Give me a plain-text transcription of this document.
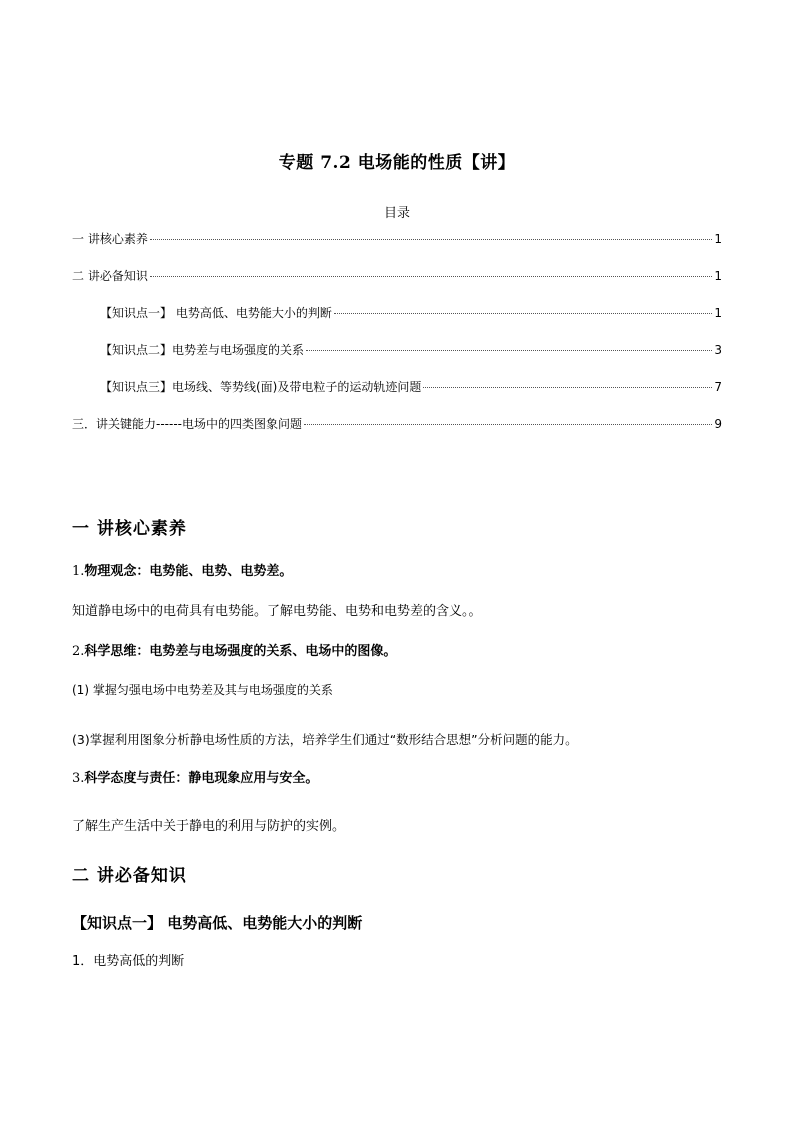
专题 7.2 电场能的性质【讲】
目录
一 讲核心素养	1
二 讲必备知识	1
【知识点一】 电势高低、电势能大小的判断	1
【知识点二】电势差与电场强度的关系	3
【知识点三】电场线、等势线(面)及带电粒子的运动轨迹问题	7
三．讲关键能力------电场中的四类图象问题	9
一 讲核心素养
1.物理观念：电势能、电势、电势差。
知道静电场中的电荷具有电势能。了解电势能、电势和电势差的含义。。
2.科学思维：电势差与电场强度的关系、电场中的图像。
(1) 掌握匀强电场中电势差及其与电场强度的关系
(3)掌握利用图象分析静电场性质的方法，培养学生们通过“数形结合思想”分析问题的能力。
3.科学态度与责任：静电现象应用与安全。
了解生产生活中关于静电的利用与防护的实例。
二 讲必备知识
【知识点一】 电势高低、电势能大小的判断
1．电势高低的判断
